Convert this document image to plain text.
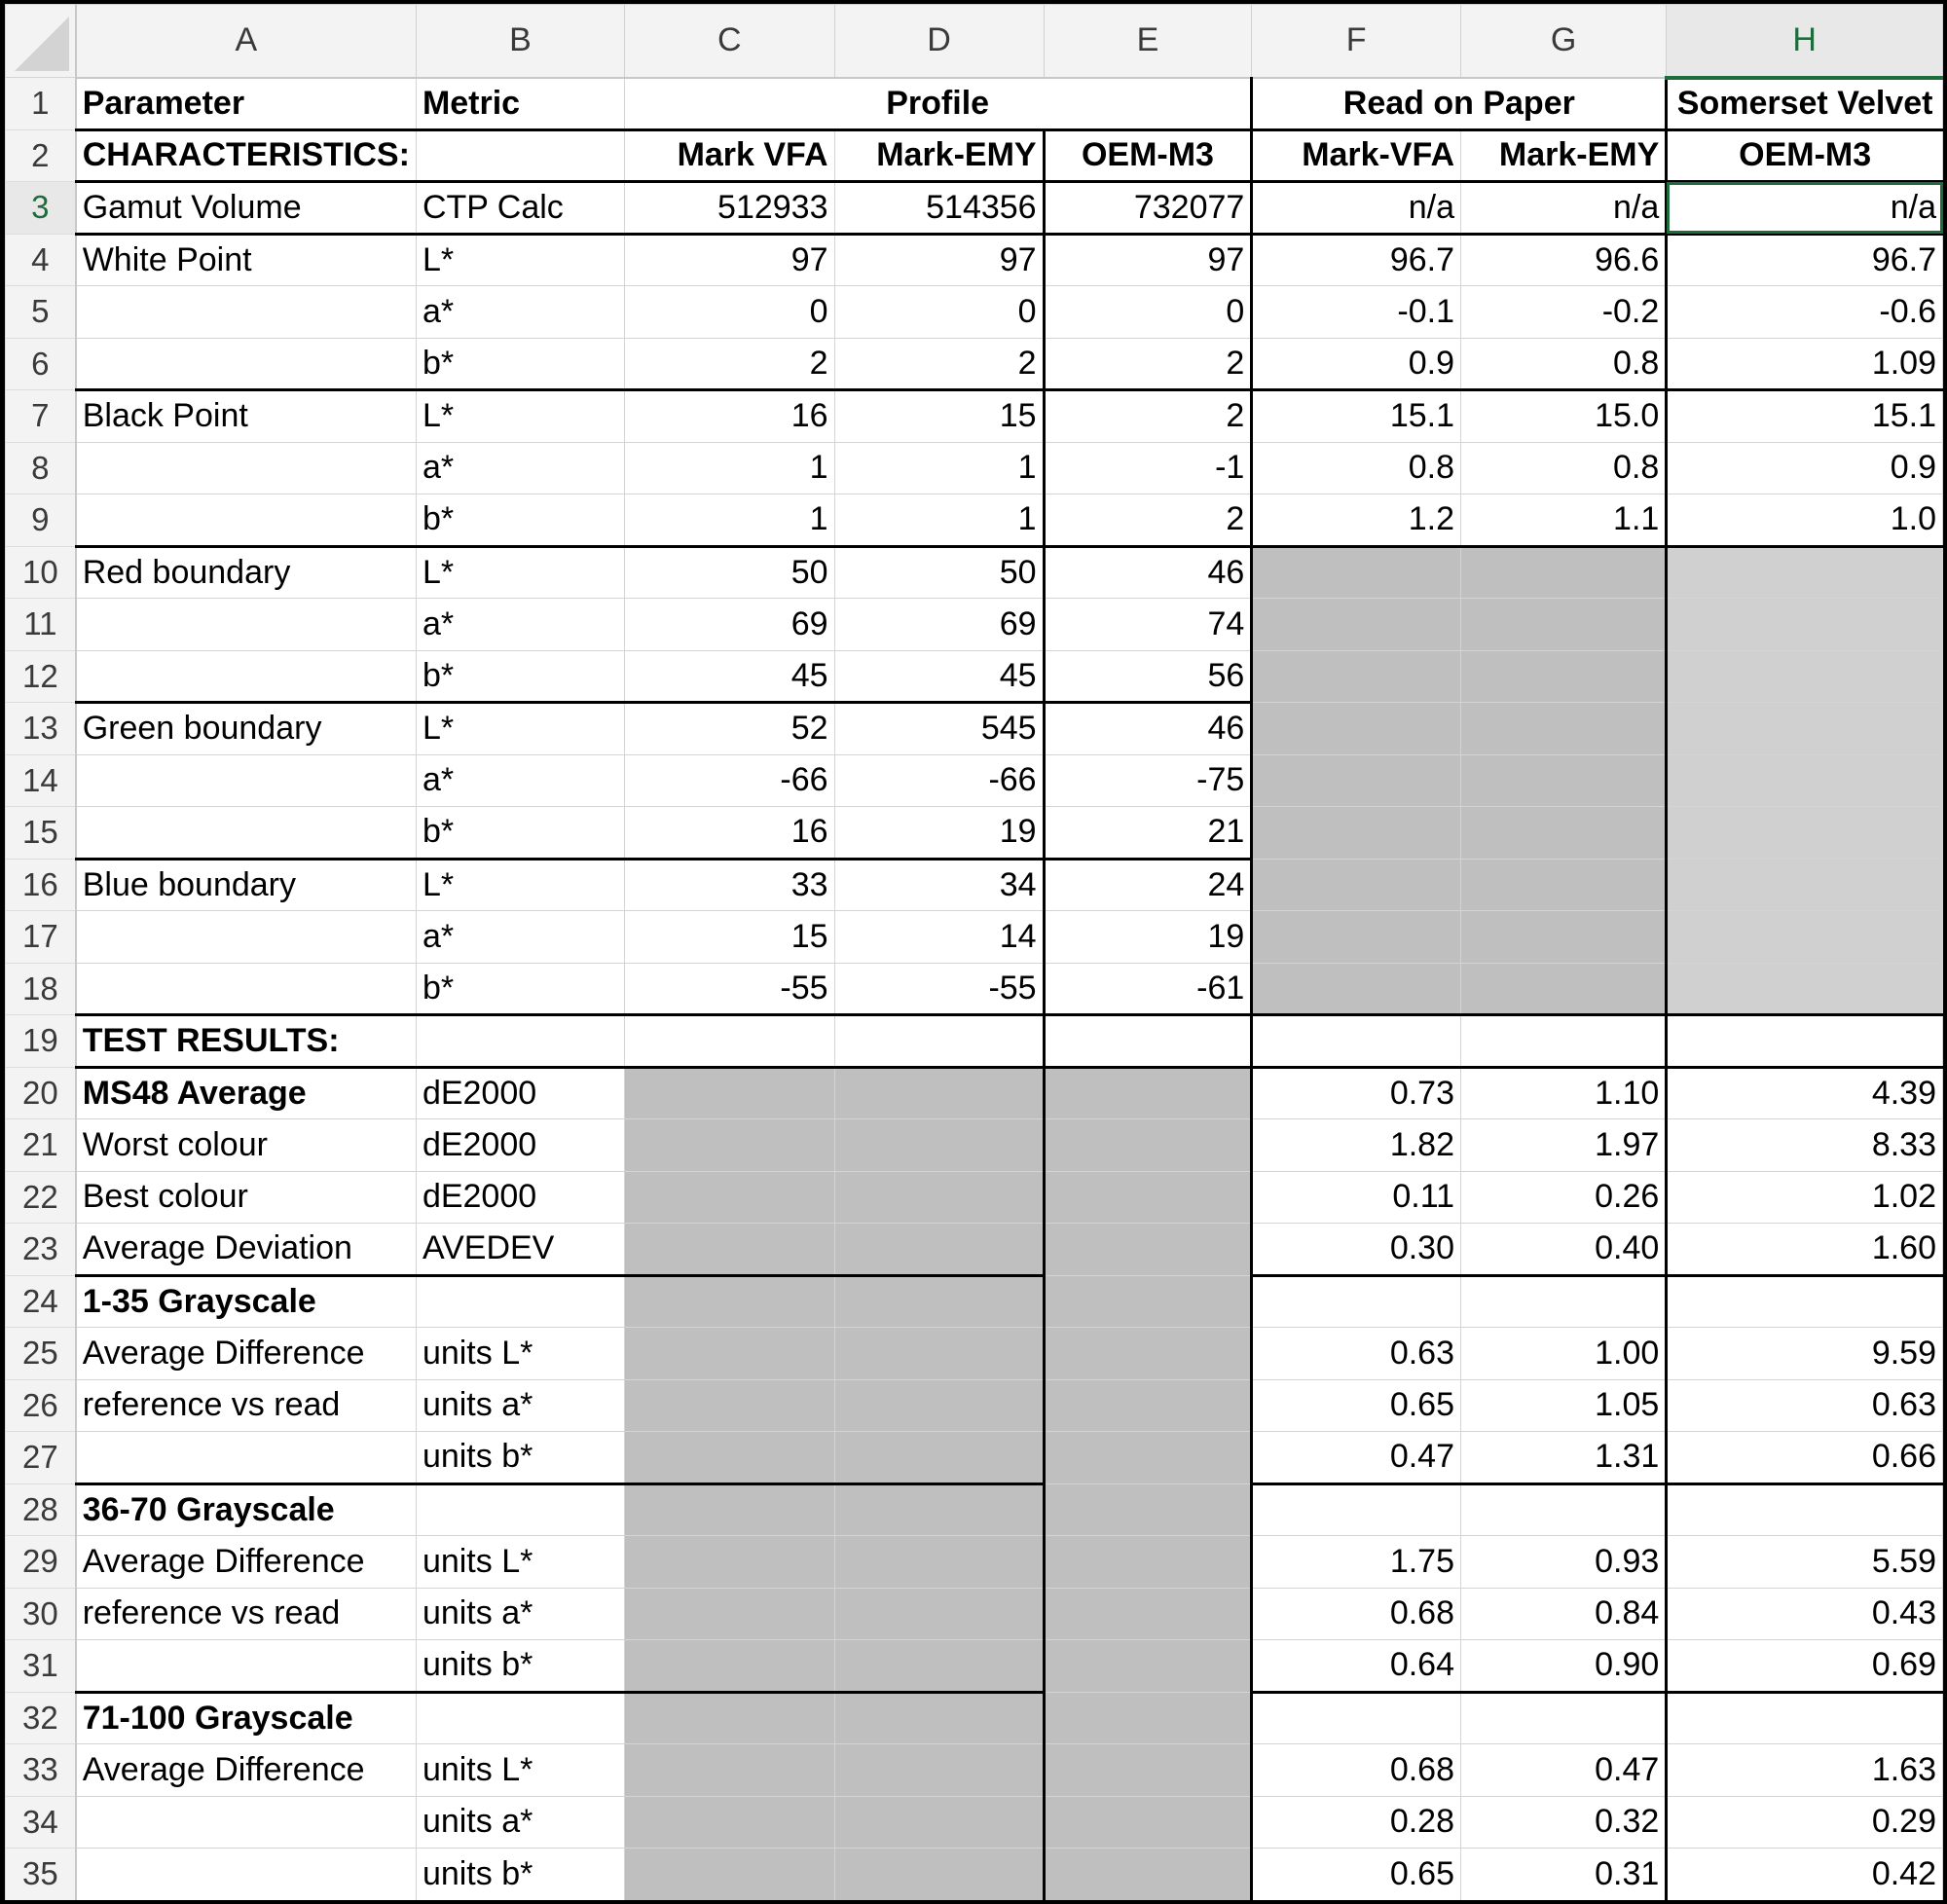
	A	B	C	D	E	F	G	H
1	Parameter	Metric	Profile			Read on Paper		Somerset Velvet
2	CHARACTERISTICS:		Mark VFA	Mark-EMY	OEM-M3	Mark-VFA	Mark-EMY	OEM-M3
3	Gamut Volume	CTP Calc	512933	514356	732077	n/a	n/a	n/a
4	White Point	L*	97	97	97	96.7	96.6	96.7
5		a*	0	0	0	-0.1	-0.2	-0.6
6		b*	2	2	2	0.9	0.8	1.09
7	Black Point	L*	16	15	2	15.1	15.0	15.1
8		a*	1	1	-1	0.8	0.8	0.9
9		b*	1	1	2	1.2	1.1	1.0
10	Red boundary	L*	50	50	46			
11		a*	69	69	74			
12		b*	45	45	56			
13	Green boundary	L*	52	545	46			
14		a*	-66	-66	-75			
15		b*	16	19	21			
16	Blue boundary	L*	33	34	24			
17		a*	15	14	19			
18		b*	-55	-55	-61			
19	TEST RESULTS:							
20	MS48 Average	dE2000				0.73	1.10	4.39
21	Worst colour	dE2000				1.82	1.97	8.33
22	Best colour	dE2000				0.11	0.26	1.02
23	Average Deviation	AVEDEV				0.30	0.40	1.60
24	1-35 Grayscale							
25	Average Difference	units L*				0.63	1.00	9.59
26	reference vs read	units a*				0.65	1.05	0.63
27		units b*				0.47	1.31	0.66
28	36-70 Grayscale							
29	Average Difference	units L*				1.75	0.93	5.59
30	reference vs read	units a*				0.68	0.84	0.43
31		units b*				0.64	0.90	0.69
32	71-100 Grayscale							
33	Average Difference	units L*				0.68	0.47	1.63
34		units a*				0.28	0.32	0.29
35		units b*				0.65	0.31	0.42
